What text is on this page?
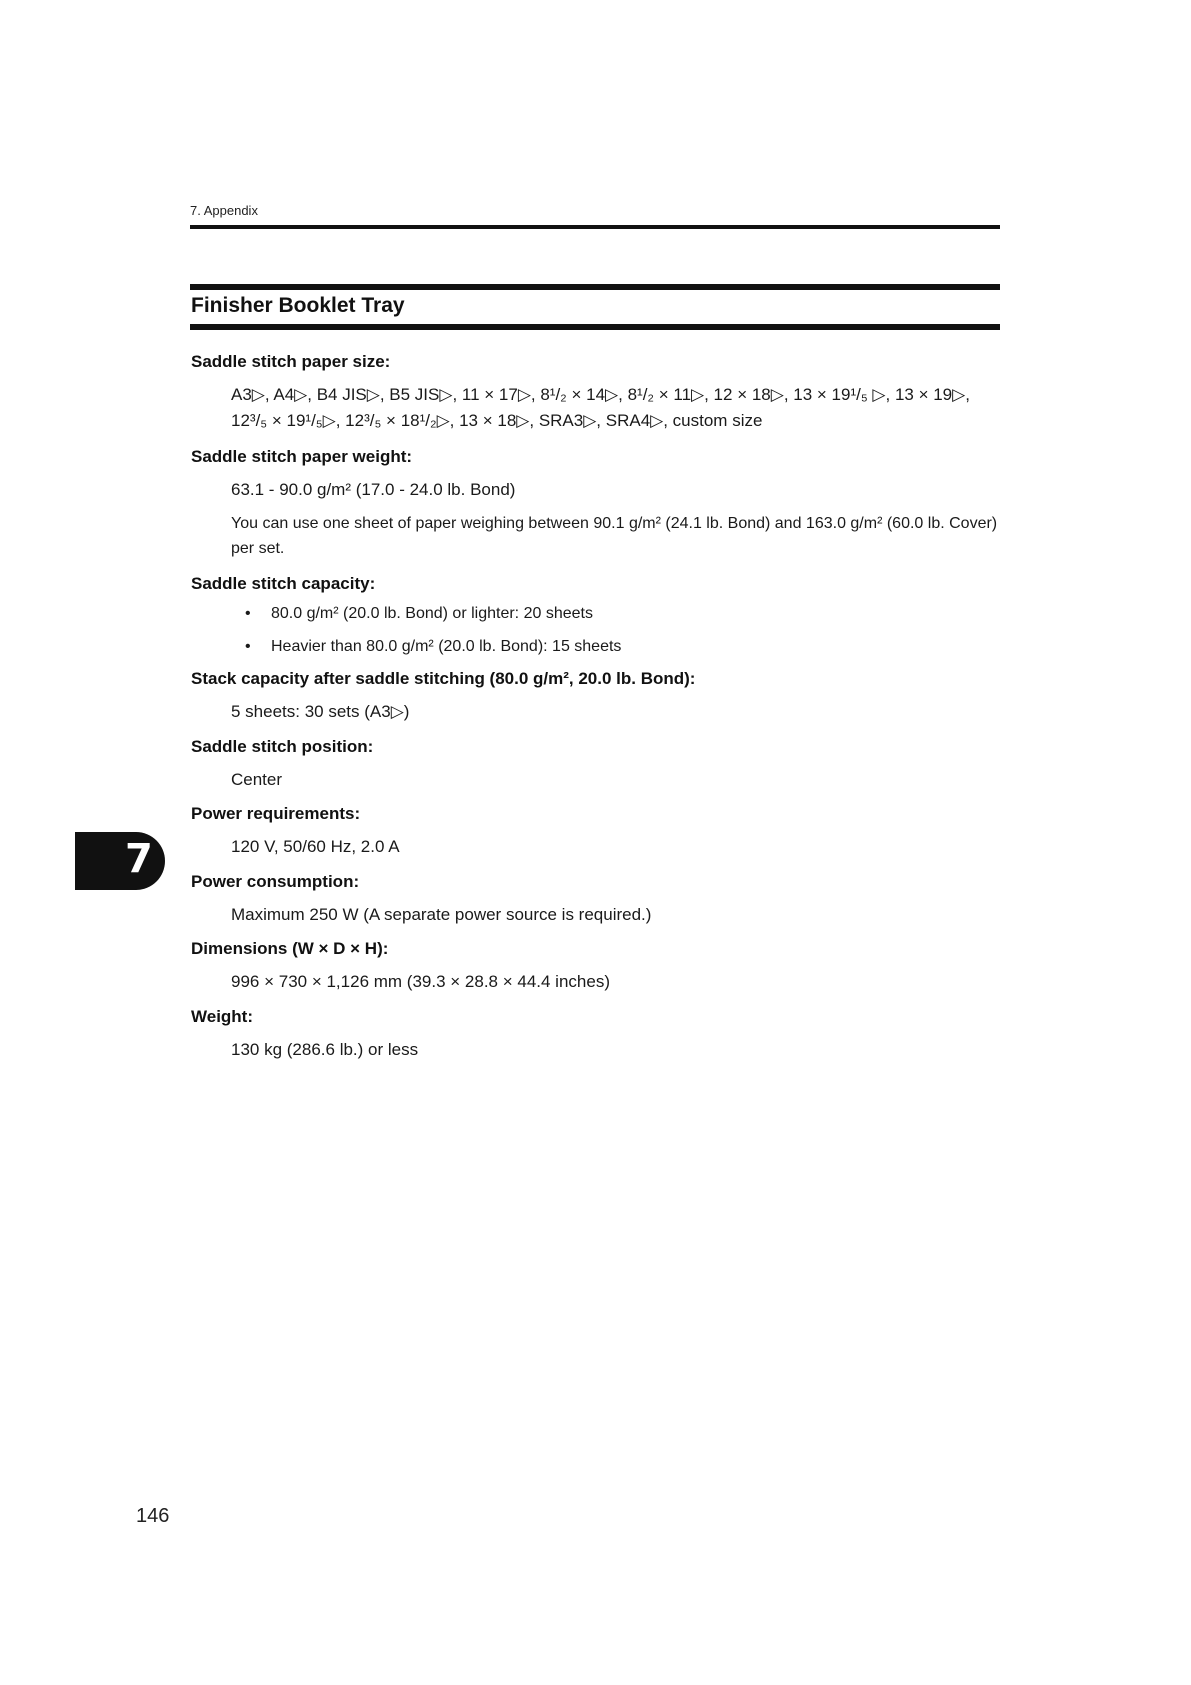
7. Appendix
Finisher Booklet Tray
Saddle stitch paper size:
A3▷, A4▷, B4 JIS▷, B5 JIS▷, 11 × 17▷, 8¹/₂ × 14▷, 8¹/₂ × 11▷, 12 × 18▷, 13 × 19¹/₅ ▷, 13 × 19▷, 12³/₅ × 19¹/₅▷, 12³/₅ × 18¹/₂▷, 13 × 18▷, SRA3▷, SRA4▷, custom size
Saddle stitch paper weight:
63.1 - 90.0 g/m² (17.0 - 24.0 lb. Bond)
You can use one sheet of paper weighing between 90.1 g/m² (24.1 lb. Bond) and 163.0 g/m² (60.0 lb. Cover) per set.
Saddle stitch capacity:
• 80.0 g/m² (20.0 lb. Bond) or lighter: 20 sheets
• Heavier than 80.0 g/m² (20.0 lb. Bond): 15 sheets
Stack capacity after saddle stitching (80.0 g/m², 20.0 lb. Bond):
5 sheets: 30 sets (A3▷)
Saddle stitch position:
Center
Power requirements:
120 V, 50/60 Hz, 2.0 A
Power consumption:
Maximum 250 W (A separate power source is required.)
Dimensions (W × D × H):
996 × 730 × 1,126 mm (39.3 × 28.8 × 44.4 inches)
Weight:
130 kg (286.6 lb.) or less
7
146
